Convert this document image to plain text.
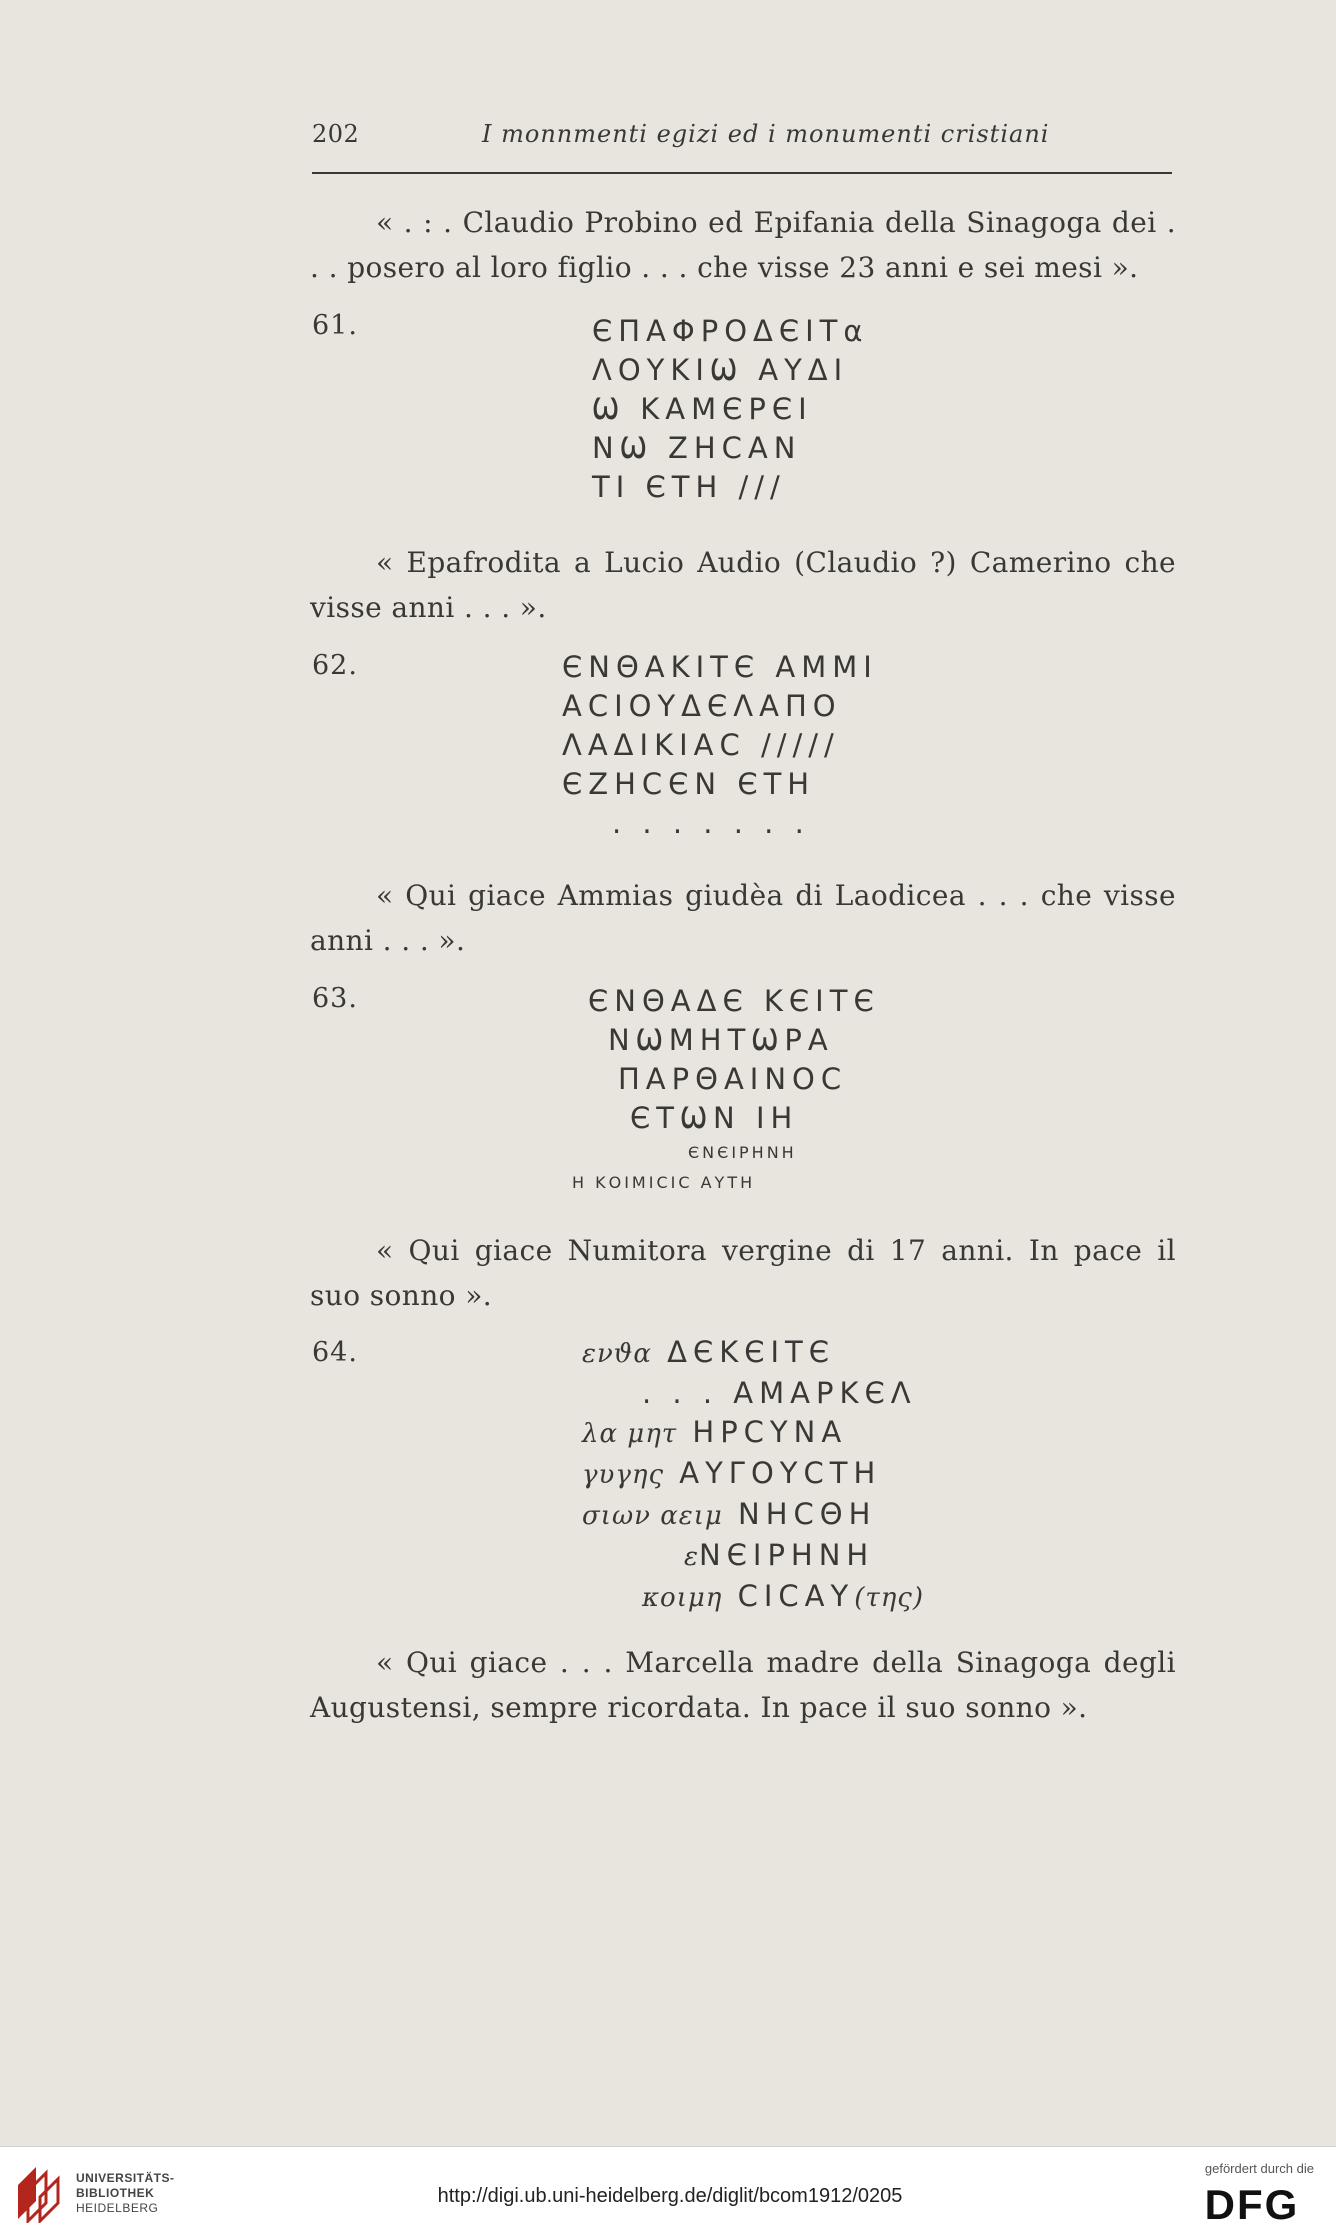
202	I monnmenti egizi ed i monumenti cristiani
« . : . Claudio Probino ed Epifania della Sinagoga dei . . . posero al loro figlio . . . che visse 23 anni e sei mesi ».
61.	ЄΠΑΦΡΟΔЄΙΤα
ΛΟΥΚΙѠ ΑΥΔΙ
Ѡ ΚΑΜЄΡЄΙ
ΝѠ ΖΗϹΑΝ
ΤΙ ЄΤΗ ///
« Epafrodita a Lucio Audio (Claudio ?) Camerino che visse anni . . . ».
62.	ЄΝΘΑΚΙΤЄ ΑΜΜΙ
ΑϹΙΟΥΔЄΛΑΠΟ
ΛΑΔΙΚΙΑϹ /////
ЄΖΗϹЄΝ ЄΤΗ
. . . . . . .
« Qui giace Ammias giudèa di Laodicea . . . che visse anni . . . ».
63.	ЄΝΘΑΔЄ ΚЄΙΤЄ
ΝѠΜΗΤѠΡΑ
ΠΑΡΘΑΙΝΟϹ
ЄΤѠΝ ΙΗ
ЄΝЄΙΡΗΝΗ
Η ΚΟΙΜΙϹΙϹ ΑΥΤΗ
« Qui giace Numitora vergine di 17 anni. In pace il suo sonno ».
64.	ενϑα ΔЄΚЄΙΤЄ
. . . ΑΜΑΡΚЄΛ
λα μητ ΗΡϹΥΝΑ
γυγης ΑΥΓΟΥϹΤΗ
σιων αειμ ΝΗϹΘΗ
εΝЄΙΡΗΝΗ
κοιμη ϹΙϹΑΥ(της)
« Qui giace . . . Marcella madre della Sinagoga degli Augustensi, sempre ricordata. In pace il suo sonno ».
UNIVERSITÄTS-
BIBLIOTHEK
HEIDELBERG
http://digi.ub.uni-heidelberg.de/diglit/bcom1912/0205
gefördert durch die
DFG
